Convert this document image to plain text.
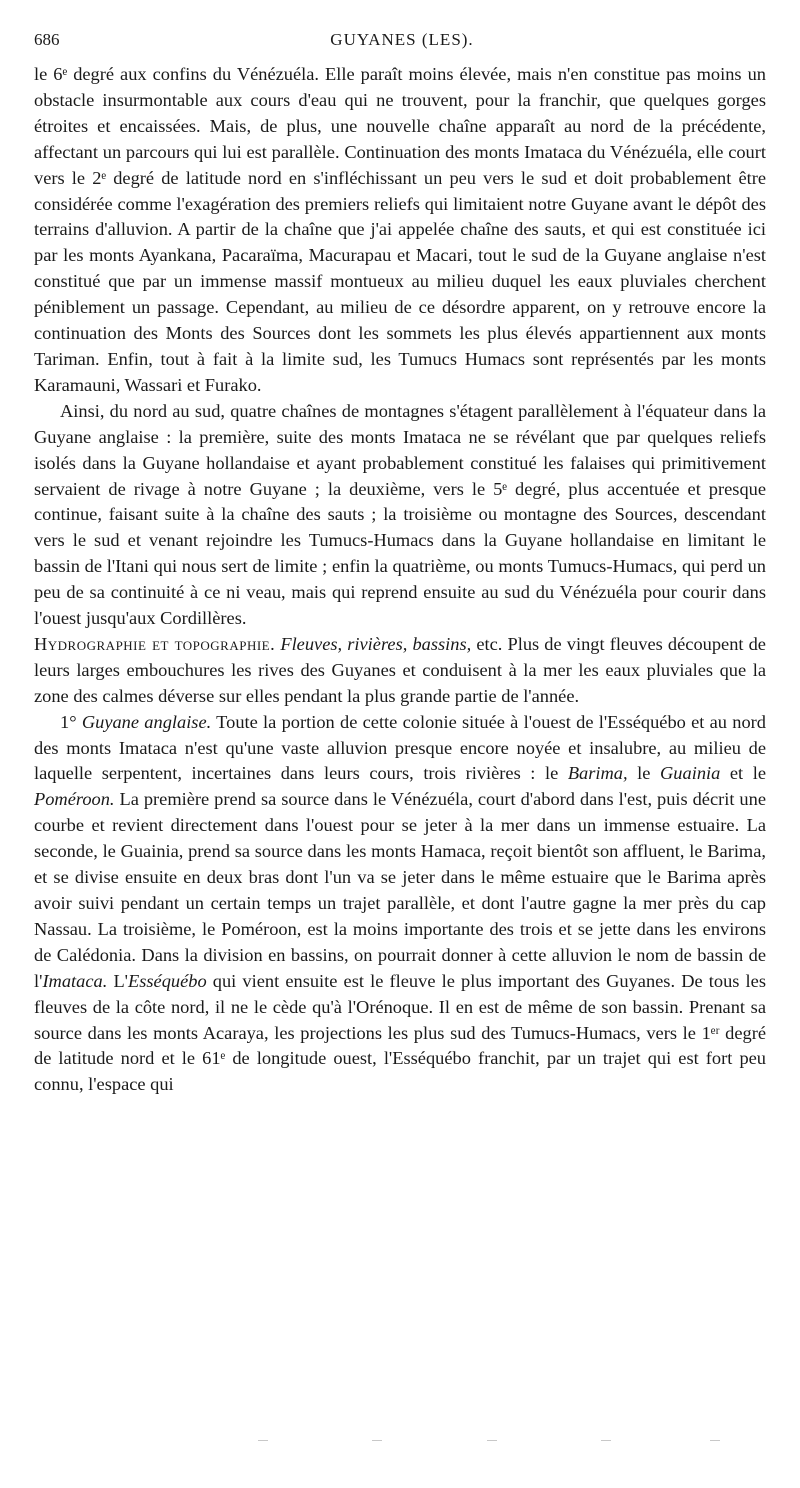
686	GUYANES (LES).

le 6ᵉ degré aux confins du Vénézuéla. Elle paraît moins élevée, mais n'en constitue pas moins un obstacle insurmontable aux cours d'eau qui ne trouvent, pour la franchir, que quelques gorges étroites et encaissées. Mais, de plus, une nouvelle chaîne apparaît au nord de la précédente, affectant un parcours qui lui est parallèle. Continuation des monts Imataca du Vénézuéla, elle court vers le 2ᵉ degré de latitude nord en s'infléchissant un peu vers le sud et doit probablement être considérée comme l'exagération des premiers reliefs qui limitaient notre Guyane avant le dépôt des terrains d'alluvion. A partir de la chaîne que j'ai appelée chaîne des sauts, et qui est constituée ici par les monts Ayankana, Pacaraïma, Macurapau et Macari, tout le sud de la Guyane anglaise n'est constitué que par un immense massif montueux au milieu duquel les eaux pluviales cherchent péniblement un passage. Cependant, au milieu de ce désordre apparent, on y retrouve encore la continuation des Monts des Sources dont les sommets les plus élevés appartiennent aux monts Tariman. Enfin, tout à fait à la limite sud, les Tumucs Humacs sont représentés par les monts Karamauni, Wassari et Furako.

Ainsi, du nord au sud, quatre chaînes de montagnes s'étagent parallèlement à l'équateur dans la Guyane anglaise : la première, suite des monts Imataca ne se révélant que par quelques reliefs isolés dans la Guyane hollandaise et ayant probablement constitué les falaises qui primitivement servaient de rivage à notre Guyane ; la deuxième, vers le 5ᵉ degré, plus accentuée et presque continue, faisant suite à la chaîne des sauts ; la troisième ou montagne des Sources, descendant vers le sud et venant rejoindre les Tumucs-Humacs dans la Guyane hollandaise en limitant le bassin de l'Itani qui nous sert de limite ; enfin la quatrième, ou monts Tumucs-Humacs, qui perd un peu de sa continuité à ce ni veau, mais qui reprend ensuite au sud du Vénézuéla pour courir dans l'ouest jusqu'aux Cordillères.

Hydrographie et topographie. Fleuves, rivières, bassins, etc. Plus de vingt fleuves découpent de leurs larges embouchures les rives des Guyanes et conduisent à la mer les eaux pluviales que la zone des calmes déverse sur elles pendant la plus grande partie de l'année.

1° Guyane anglaise. Toute la portion de cette colonie située à l'ouest de l'Esséquébo et au nord des monts Imataca n'est qu'une vaste alluvion presque encore noyée et insalubre, au milieu de laquelle serpentent, incertaines dans leurs cours, trois rivières : le Barima, le Guainia et le Poméroon. La première prend sa source dans le Vénézuéla, court d'abord dans l'est, puis décrit une courbe et revient directement dans l'ouest pour se jeter à la mer dans un immense estuaire. La seconde, le Guainia, prend sa source dans les monts Hamaca, reçoit bientôt son affluent, le Barima, et se divise ensuite en deux bras dont l'un va se jeter dans le même estuaire que le Barima après avoir suivi pendant un certain temps un trajet parallèle, et dont l'autre gagne la mer près du cap Nassau. La troisième, le Poméroon, est la moins importante des trois et se jette dans les environs de Calédonia. Dans la division en bassins, on pourrait donner à cette alluvion le nom de bassin de l'Imataca. L'Esséquébo qui vient ensuite est le fleuve le plus important des Guyanes. De tous les fleuves de la côte nord, il ne le cède qu'à l'Orénoque. Il en est de même de son bassin. Prenant sa source dans les monts Acaraya, les projections les plus sud des Tumucs-Humacs, vers le 1ᵉʳ degré de latitude nord et le 61ᵉ de longitude ouest, l'Esséquébo franchit, par un trajet qui est fort peu connu, l'espace qui
